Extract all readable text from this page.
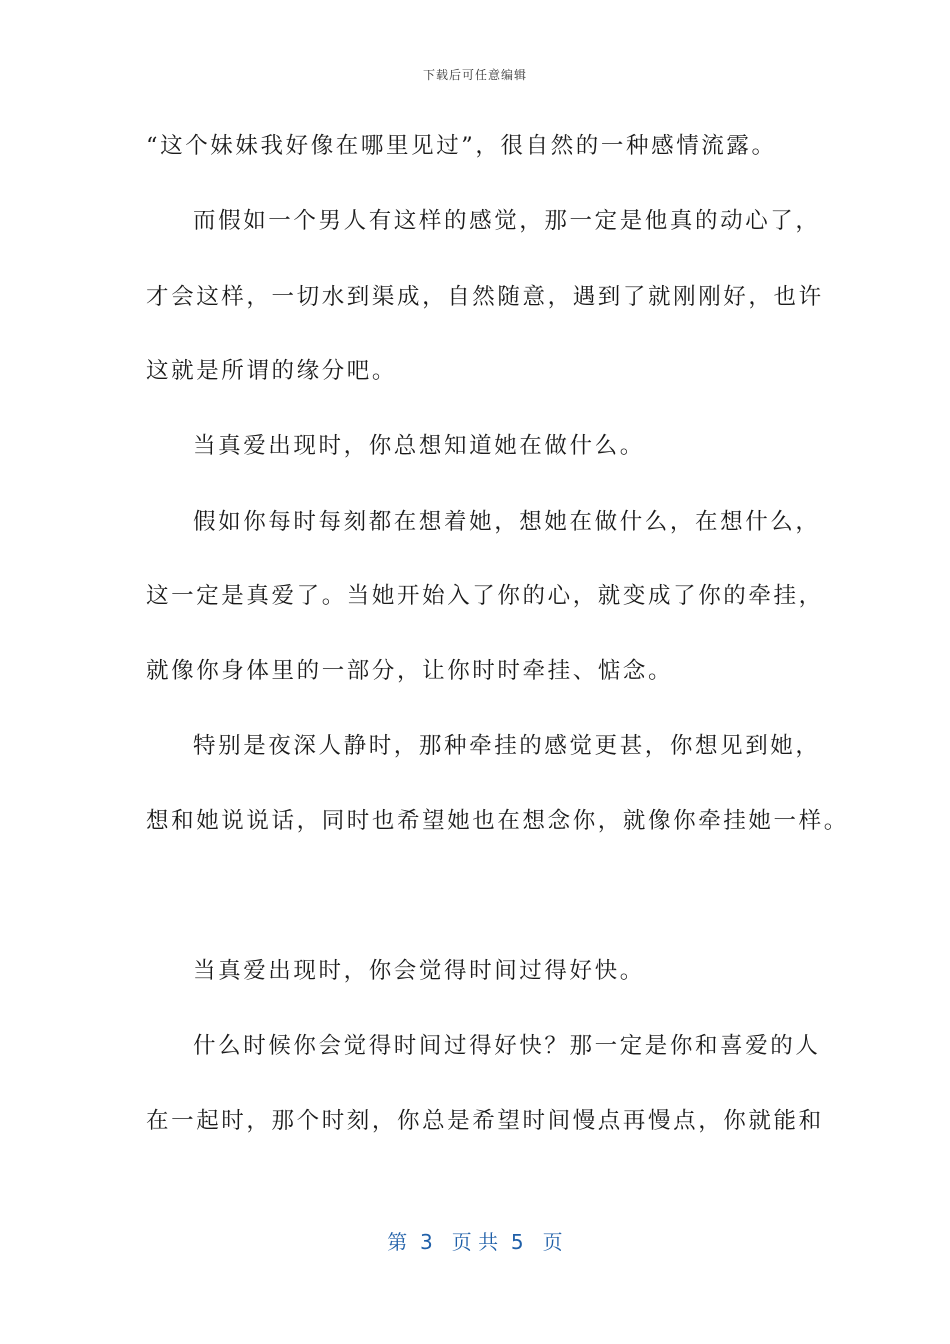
下载后可任意编辑
“这个妹妹我好像在哪里见过”，很自然的一种感情流露。
而假如一个男人有这样的感觉，那一定是他真的动心了，
才会这样，一切水到渠成，自然随意，遇到了就刚刚好，也许
这就是所谓的缘分吧。
当真爱出现时，你总想知道她在做什么。
假如你每时每刻都在想着她，想她在做什么，在想什么，
这一定是真爱了。当她开始入了你的心，就变成了你的牵挂，
就像你身体里的一部分，让你时时牵挂、惦念。
特别是夜深人静时，那种牵挂的感觉更甚，你想见到她，
想和她说说话，同时也希望她也在想念你，就像你牵挂她一样。
当真爱出现时，你会觉得时间过得好快。
什么时候你会觉得时间过得好快？那一定是你和喜爱的人
在一起时，那个时刻，你总是希望时间慢点再慢点，你就能和
第  3   页 共  5   页
